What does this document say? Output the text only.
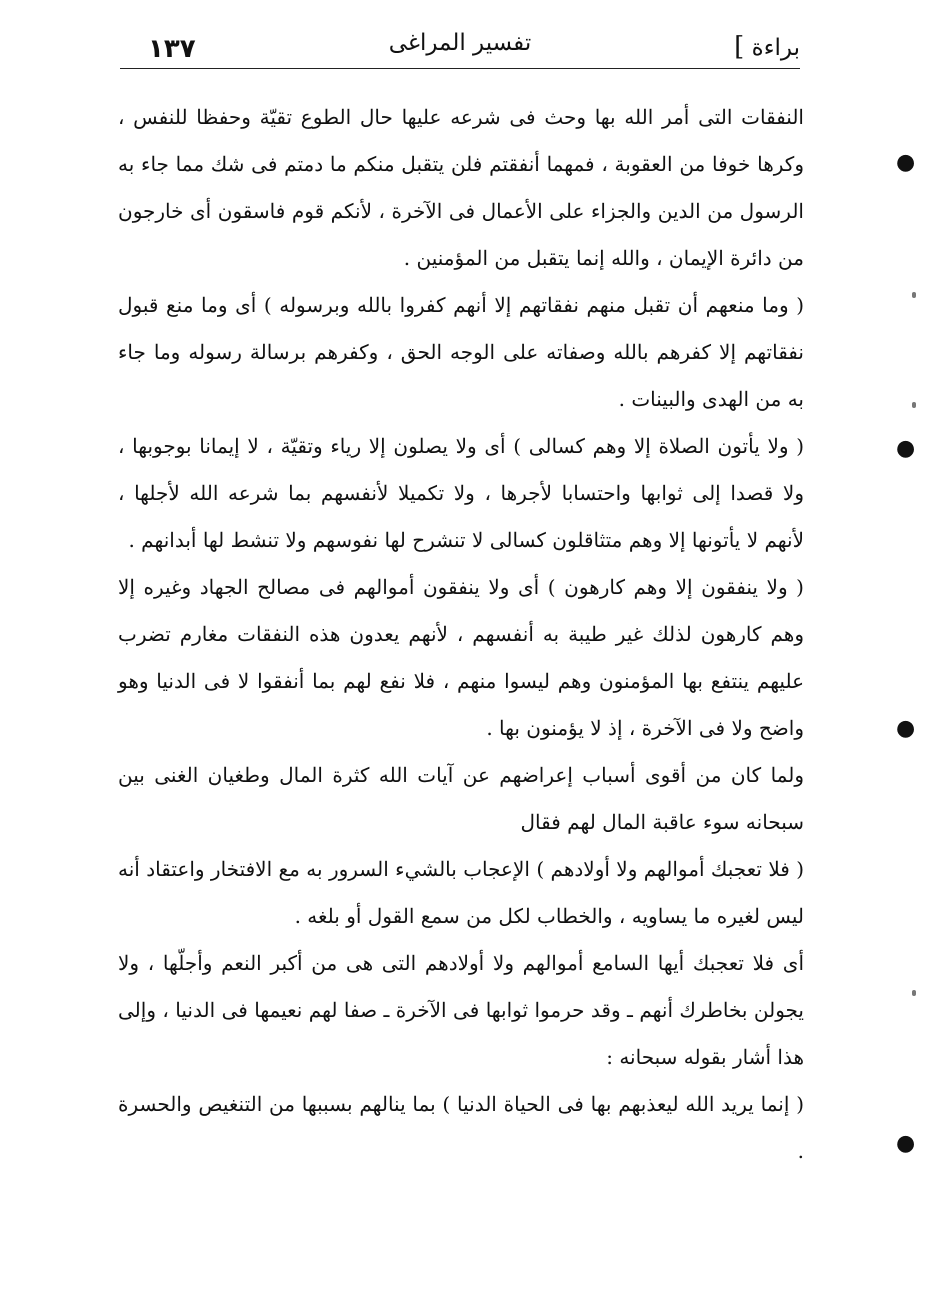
١٣٧	تفسير المراغى	براءة ]

النفقات التى أمر الله بها وحث فى شرعه عليها حال الطوع تقيّة وحفظا للنفس ، وكرها خوفا من العقوبة ، فمهما أنفقتم فلن يتقبل منكم ما دمتم فى شك مما جاء به الرسول من الدين والجزاء على الأعمال فى الآخرة ، لأنكم قوم فاسقون أى خارجون من دائرة الإيمان ، والله إنما يتقبل من المؤمنين .

( وما منعهم أن تقبل منهم نفقاتهم إلا أنهم كفروا بالله وبرسوله ) أى وما منع قبول نفقاتهم إلا كفرهم بالله وصفاته على الوجه الحق ، وكفرهم برسالة رسوله وما جاء به من الهدى والبينات .

( ولا يأتون الصلاة إلا وهم كسالى ) أى ولا يصلون إلا رياء وتقيّة ، لا إيمانا بوجوبها ، ولا قصدا إلى ثوابها واحتسابا لأجرها ، ولا تكميلا لأنفسهم بما شرعه الله لأجلها ، لأنهم لا يأتونها إلا وهم متثاقلون كسالى لا تنشرح لها نفوسهم ولا تنشط لها أبدانهم .

( ولا ينفقون إلا وهم كارهون ) أى ولا ينفقون أموالهم فى مصالح الجهاد وغيره إلا وهم كارهون لذلك غير طيبة به أنفسهم ، لأنهم يعدون هذه النفقات مغارم تضرب عليهم ينتفع بها المؤمنون وهم ليسوا منهم ، فلا نفع لهم بما أنفقوا لا فى الدنيا وهو واضح ولا فى الآخرة ، إذ لا يؤمنون بها .

ولما كان من أقوى أسباب إعراضهم عن آيات الله كثرة المال وطغيان الغنى بين سبحانه سوء عاقبة المال لهم فقال

( فلا تعجبك أموالهم ولا أولادهم ) الإعجاب بالشيء السرور به مع الافتخار واعتقاد أنه ليس لغيره ما يساويه ، والخطاب لكل من سمع القول أو بلغه .

أى فلا تعجبك أيها السامع أموالهم ولا أولادهم التى هى من أكبر النعم وأجلّها ، ولا يجولن بخاطرك أنهم ـ وقد حرموا ثوابها فى الآخرة ـ صفا لهم نعيمها فى الدنيا ، وإلى هذا أشار بقوله سبحانه :

( إنما يريد الله ليعذبهم بها فى الحياة الدنيا ) بما ينالهم بسببها من التنغيص والحسرة .

●
●
●
●
